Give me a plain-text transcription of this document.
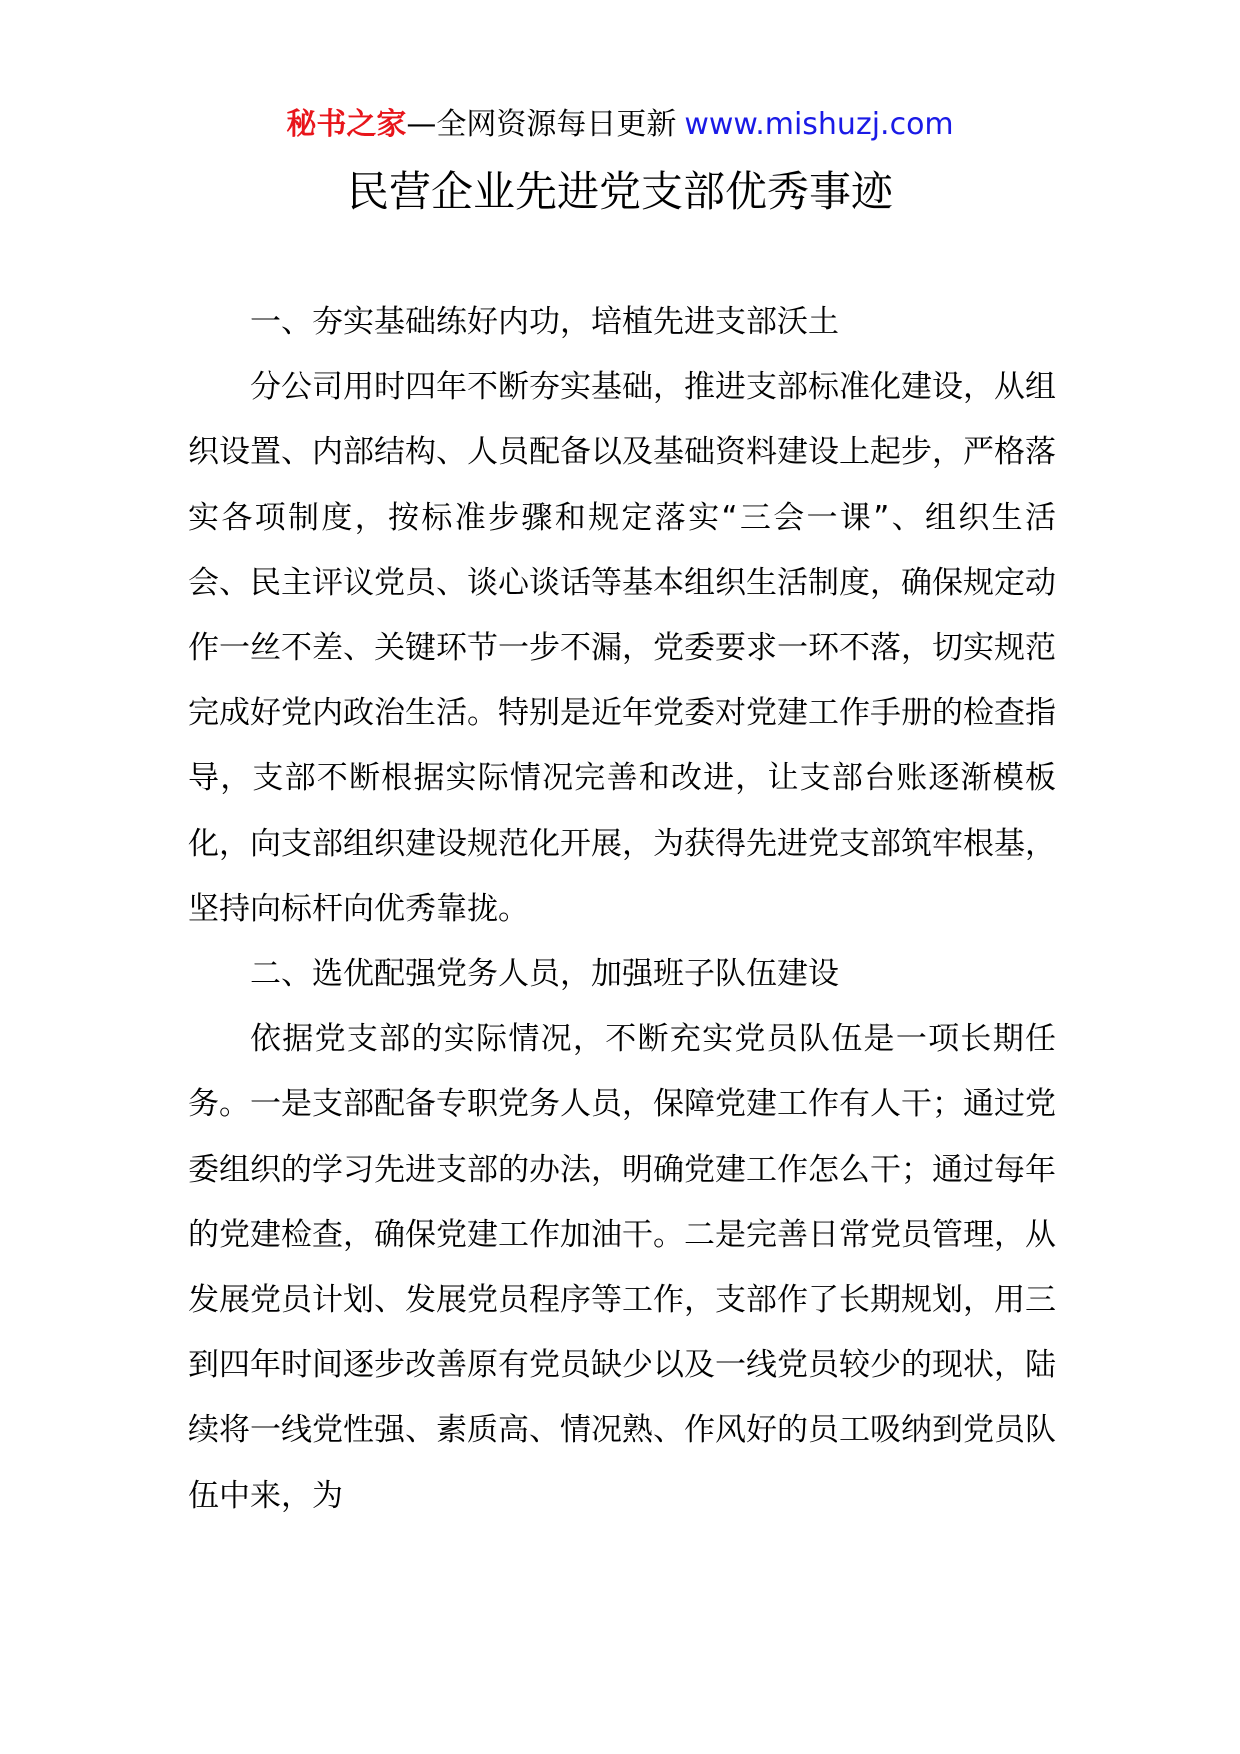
秘书之家—全网资源每日更新 www.mishuzj.com
民营企业先进党支部优秀事迹

一、夯实基础练好内功，培植先进支部沃土

分公司用时四年不断夯实基础，推进支部标准化建设，从组织设置、内部结构、人员配备以及基础资料建设上起步，严格落实各项制度，按标准步骤和规定落实“三会一课”、组织生活会、民主评议党员、谈心谈话等基本组织生活制度，确保规定动作一丝不差、关键环节一步不漏，党委要求一环不落，切实规范完成好党内政治生活。特别是近年党委对党建工作手册的检查指导，支部不断根据实际情况完善和改进，让支部台账逐渐模板化，向支部组织建设规范化开展，为获得先进党支部筑牢根基，坚持向标杆向优秀靠拢。

二、选优配强党务人员，加强班子队伍建设

依据党支部的实际情况，不断充实党员队伍是一项长期任务。一是支部配备专职党务人员，保障党建工作有人干；通过党委组织的学习先进支部的办法，明确党建工作怎么干；通过每年的党建检查，确保党建工作加油干。二是完善日常党员管理，从发展党员计划、发展党员程序等工作，支部作了长期规划，用三到四年时间逐步改善原有党员缺少以及一线党员较少的现状，陆续将一线党性强、素质高、情况熟、作风好的员工吸纳到党员队伍中来，为
